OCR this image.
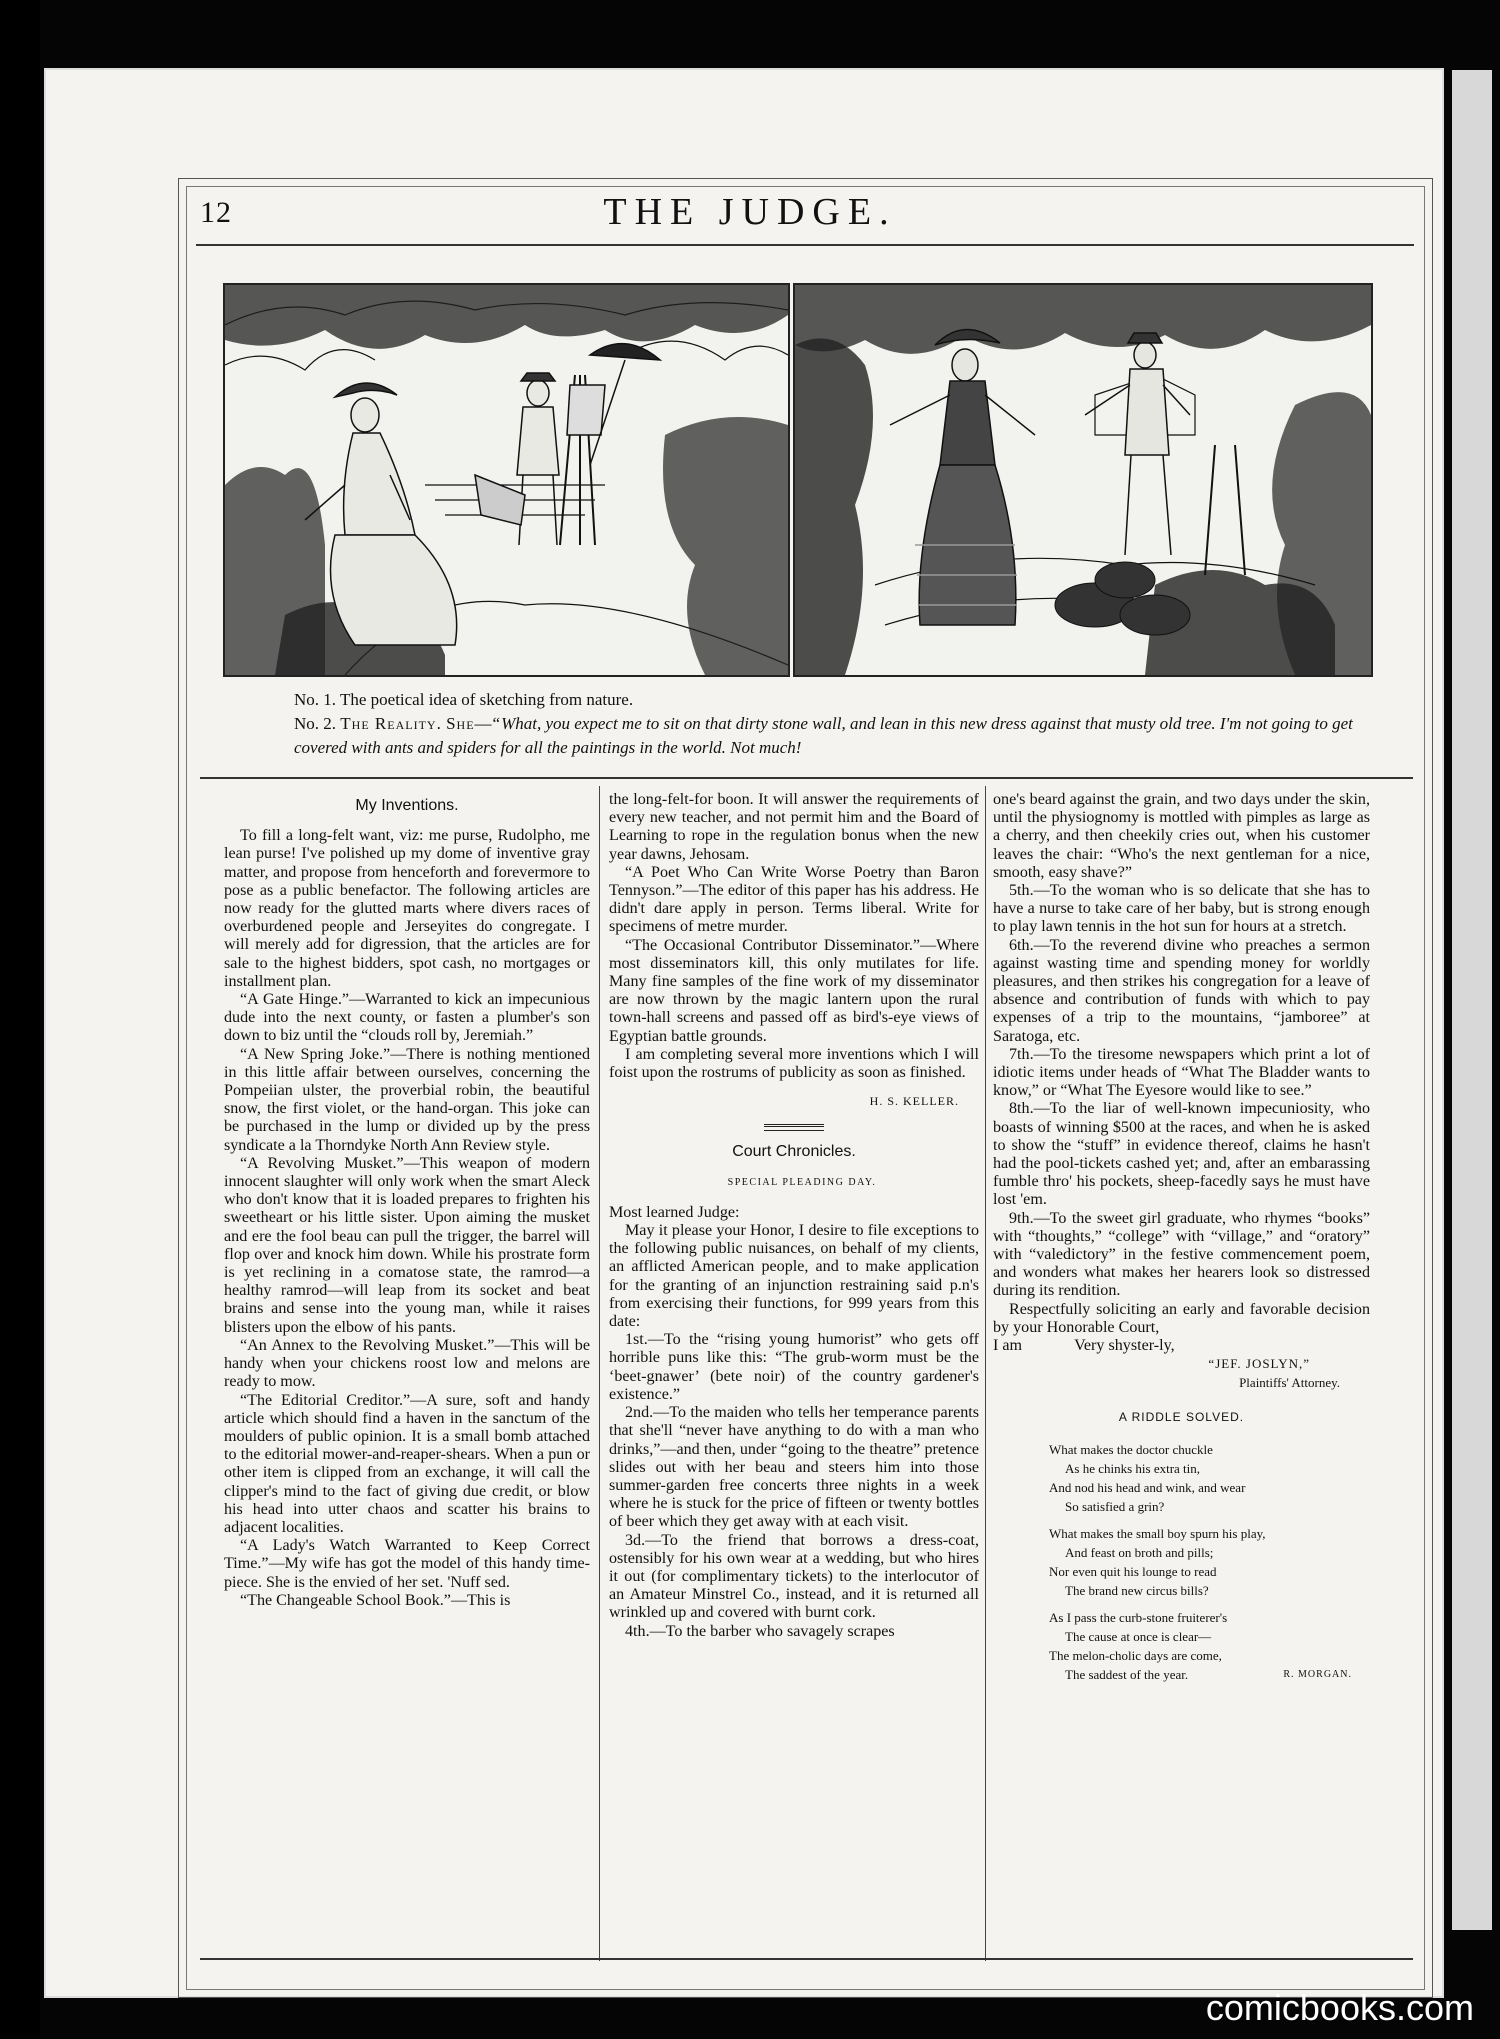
12	THE JUDGE.
No. 1. The poetical idea of sketching from nature.
No. 2. The Reality. She—“What, you expect me to sit on that dirty stone wall, and lean in this new dress against that musty old tree. I'm not going to get covered with ants and spiders for all the paintings in the world. Not much!
My Inventions.

To fill a long-felt want, viz: me purse, Rudolpho, me lean purse! I've polished up my dome of inventive gray matter, and propose from henceforth and forevermore to pose as a public benefactor. The following articles are now ready for the glutted marts where divers races of overburdened people and Jerseyites do congregate. I will merely add for digression, that the articles are for sale to the highest bidders, spot cash, no mortgages or installment plan.

“A Gate Hinge.”—Warranted to kick an impecunious dude into the next county, or fasten a plumber's son down to biz until the “clouds roll by, Jeremiah.”

“A New Spring Joke.”—There is nothing mentioned in this little affair between ourselves, concerning the Pompeiian ulster, the proverbial robin, the beautiful snow, the first violet, or the hand-organ. This joke can be purchased in the lump or divided up by the press syndicate a la Thorndyke North Ann Review style.

“A Revolving Musket.”—This weapon of modern innocent slaughter will only work when the smart Aleck who don't know that it is loaded prepares to frighten his sweetheart or his little sister. Upon aiming the musket and ere the fool beau can pull the trigger, the barrel will flop over and knock him down. While his prostrate form is yet reclining in a comatose state, the ramrod—a healthy ramrod—will leap from its socket and beat brains and sense into the young man, while it raises blisters upon the elbow of his pants.

“An Annex to the Revolving Musket.”—This will be handy when your chickens roost low and melons are ready to mow.

“The Editorial Creditor.”—A sure, soft and handy article which should find a haven in the sanctum of the moulders of public opinion. It is a small bomb attached to the editorial mower-and-reaper-shears. When a pun or other item is clipped from an exchange, it will call the clipper's mind to the fact of giving due credit, or blow his head into utter chaos and scatter his brains to adjacent localities.

“A Lady's Watch Warranted to Keep Correct Time.”—My wife has got the model of this handy time-piece. She is the envied of her set. 'Nuff sed.

“The Changeable School Book.”—This is

the long-felt-for boon. It will answer the requirements of every new teacher, and not permit him and the Board of Learning to rope in the regulation bonus when the new year dawns, Jehosam.

“A Poet Who Can Write Worse Poetry than Baron Tennyson.”—The editor of this paper has his address. He didn't dare apply in person. Terms liberal. Write for specimens of metre murder.

“The Occasional Contributor Disseminator.”—Where most disseminators kill, this only mutilates for life. Many fine samples of the fine work of my disseminator are now thrown by the magic lantern upon the rural town-hall screens and passed off as bird's-eye views of Egyptian battle grounds.

I am completing several more inventions which I will foist upon the rostrums of publicity as soon as finished.

H. S. KELLER.

Court Chronicles.

SPECIAL PLEADING DAY.

Most learned Judge:

May it please your Honor, I desire to file exceptions to the following public nuisances, on behalf of my clients, an afflicted American people, and to make application for the granting of an injunction restraining said p.n's from exercising their functions, for 999 years from this date:

1st.—To the “rising young humorist” who gets off horrible puns like this: “The grub-worm must be the ‘beet-gnawer’ (bete noir) of the country gardener's existence.”

2nd.—To the maiden who tells her temperance parents that she'll “never have anything to do with a man who drinks,”—and then, under “going to the theatre” pretence slides out with her beau and steers him into those summer-garden free concerts three nights in a week where he is stuck for the price of fifteen or twenty bottles of beer which they get away with at each visit.

3d.—To the friend that borrows a dress-coat, ostensibly for his own wear at a wedding, but who hires it out (for complimentary tickets) to the interlocutor of an Amateur Minstrel Co., instead, and it is returned all wrinkled up and covered with burnt cork.

4th.—To the barber who savagely scrapes

one's beard against the grain, and two days under the skin, until the physiognomy is mottled with pimples as large as a cherry, and then cheekily cries out, when his customer leaves the chair: “Who's the next gentleman for a nice, smooth, easy shave?”

5th.—To the woman who is so delicate that she has to have a nurse to take care of her baby, but is strong enough to play lawn tennis in the hot sun for hours at a stretch.

6th.—To the reverend divine who preaches a sermon against wasting time and spending money for worldly pleasures, and then strikes his congregation for a leave of absence and contribution of funds with which to pay expenses of a trip to the mountains, “jamboree” at Saratoga, etc.

7th.—To the tiresome newspapers which print a lot of idiotic items under heads of “What The Bladder wants to know,” or “What The Eyesore would like to see.”

8th.—To the liar of well-known impecuniosity, who boasts of winning $500 at the races, and when he is asked to show the “stuff” in evidence thereof, claims he hasn't had the pool-tickets cashed yet; and, after an embarassing fumble thro' his pockets, sheep-facedly says he must have lost 'em.

9th.—To the sweet girl graduate, who rhymes “books” with “thoughts,” “college” with “village,” and “oratory” with “valedictory” in the festive commencement poem, and wonders what makes her hearers look so distressed during its rendition.

Respectfully soliciting an early and favorable decision by your Honorable Court,

I am	Very shyster-ly,

“JEF. JOSLYN,”

Plaintiffs' Attorney.

A RIDDLE SOLVED.
What makes the doctor chuckle
As he chinks his extra tin,
And nod his head and wink, and wear
So satisfied a grin?
What makes the small boy spurn his play,
And feast on broth and pills;
Nor even quit his lounge to read
The brand new circus bills?
As I pass the curb-stone fruiterer's
The cause at once is clear—
The melon-cholic days are come,
The saddest of the year.	R. MORGAN.
comicbooks.com
